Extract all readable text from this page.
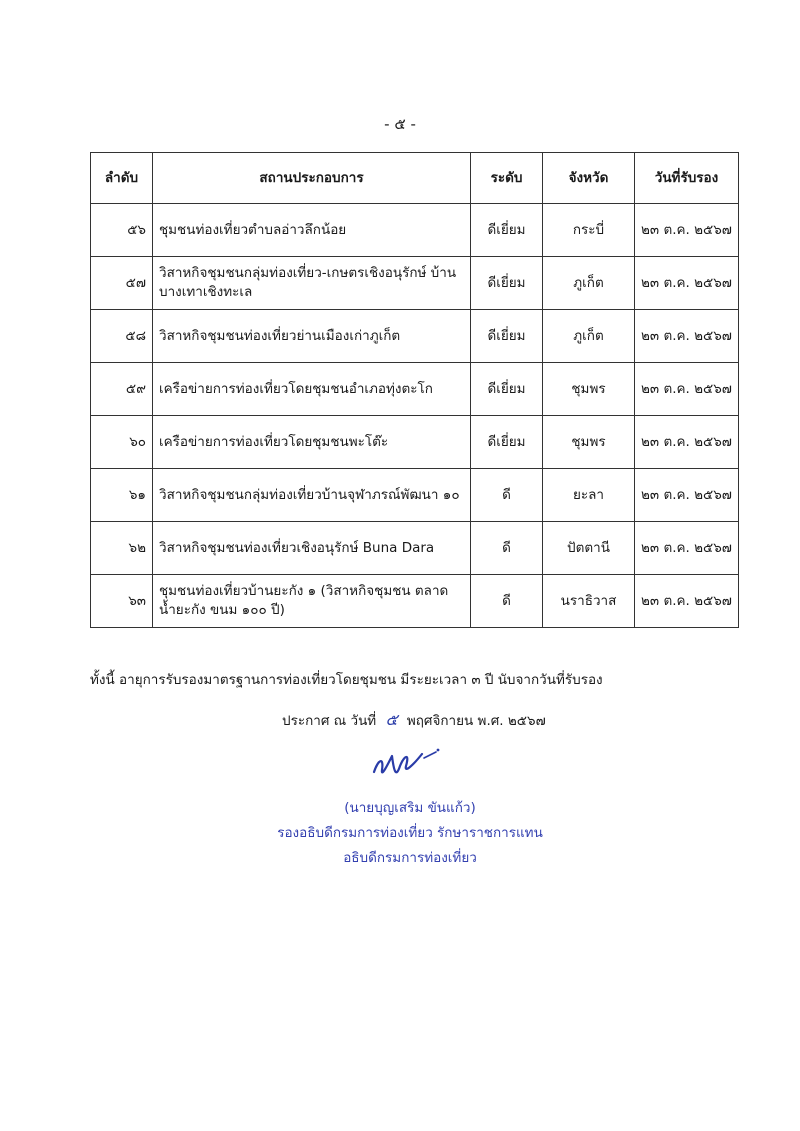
- ๕ -
ลำดับ	สถานประกอบการ	ระดับ	จังหวัด	วันที่รับรอง
๕๖	ชุมชนท่องเที่ยวตำบลอ่าวลึกน้อย	ดีเยี่ยม	กระบี่	๒๓ ต.ค. ๒๕๖๗
๕๗	วิสาหกิจชุมชนกลุ่มท่องเที่ยว-เกษตรเชิงอนุรักษ์ บ้านบางเทาเชิงทะเล	ดีเยี่ยม	ภูเก็ต	๒๓ ต.ค. ๒๕๖๗
๕๘	วิสาหกิจชุมชนท่องเที่ยวย่านเมืองเก่าภูเก็ต	ดีเยี่ยม	ภูเก็ต	๒๓ ต.ค. ๒๕๖๗
๕๙	เครือข่ายการท่องเที่ยวโดยชุมชนอำเภอทุ่งตะโก	ดีเยี่ยม	ชุมพร	๒๓ ต.ค. ๒๕๖๗
๖๐	เครือข่ายการท่องเที่ยวโดยชุมชนพะโต๊ะ	ดีเยี่ยม	ชุมพร	๒๓ ต.ค. ๒๕๖๗
๖๑	วิสาหกิจชุมชนกลุ่มท่องเที่ยวบ้านจุฬาภรณ์พัฒนา ๑๐	ดี	ยะลา	๒๓ ต.ค. ๒๕๖๗
๖๒	วิสาหกิจชุมชนท่องเที่ยวเชิงอนุรักษ์ Buna Dara	ดี	ปัตตานี	๒๓ ต.ค. ๒๕๖๗
๖๓	ชุมชนท่องเที่ยวบ้านยะกัง ๑ (วิสาหกิจชุมชน ตลาดน้ำยะกัง ขนม ๑๐๐ ปี)	ดี	นราธิวาส	๒๓ ต.ค. ๒๕๖๗
ทั้งนี้ อายุการรับรองมาตรฐานการท่องเที่ยวโดยชุมชน มีระยะเวลา ๓ ปี นับจากวันที่รับรอง
ประกาศ ณ วันที่ ๕ พฤศจิกายน พ.ศ. ๒๕๖๗
(นายบุญเสริม ขันแก้ว)
รองอธิบดีกรมการท่องเที่ยว รักษาราชการแทน
อธิบดีกรมการท่องเที่ยว
